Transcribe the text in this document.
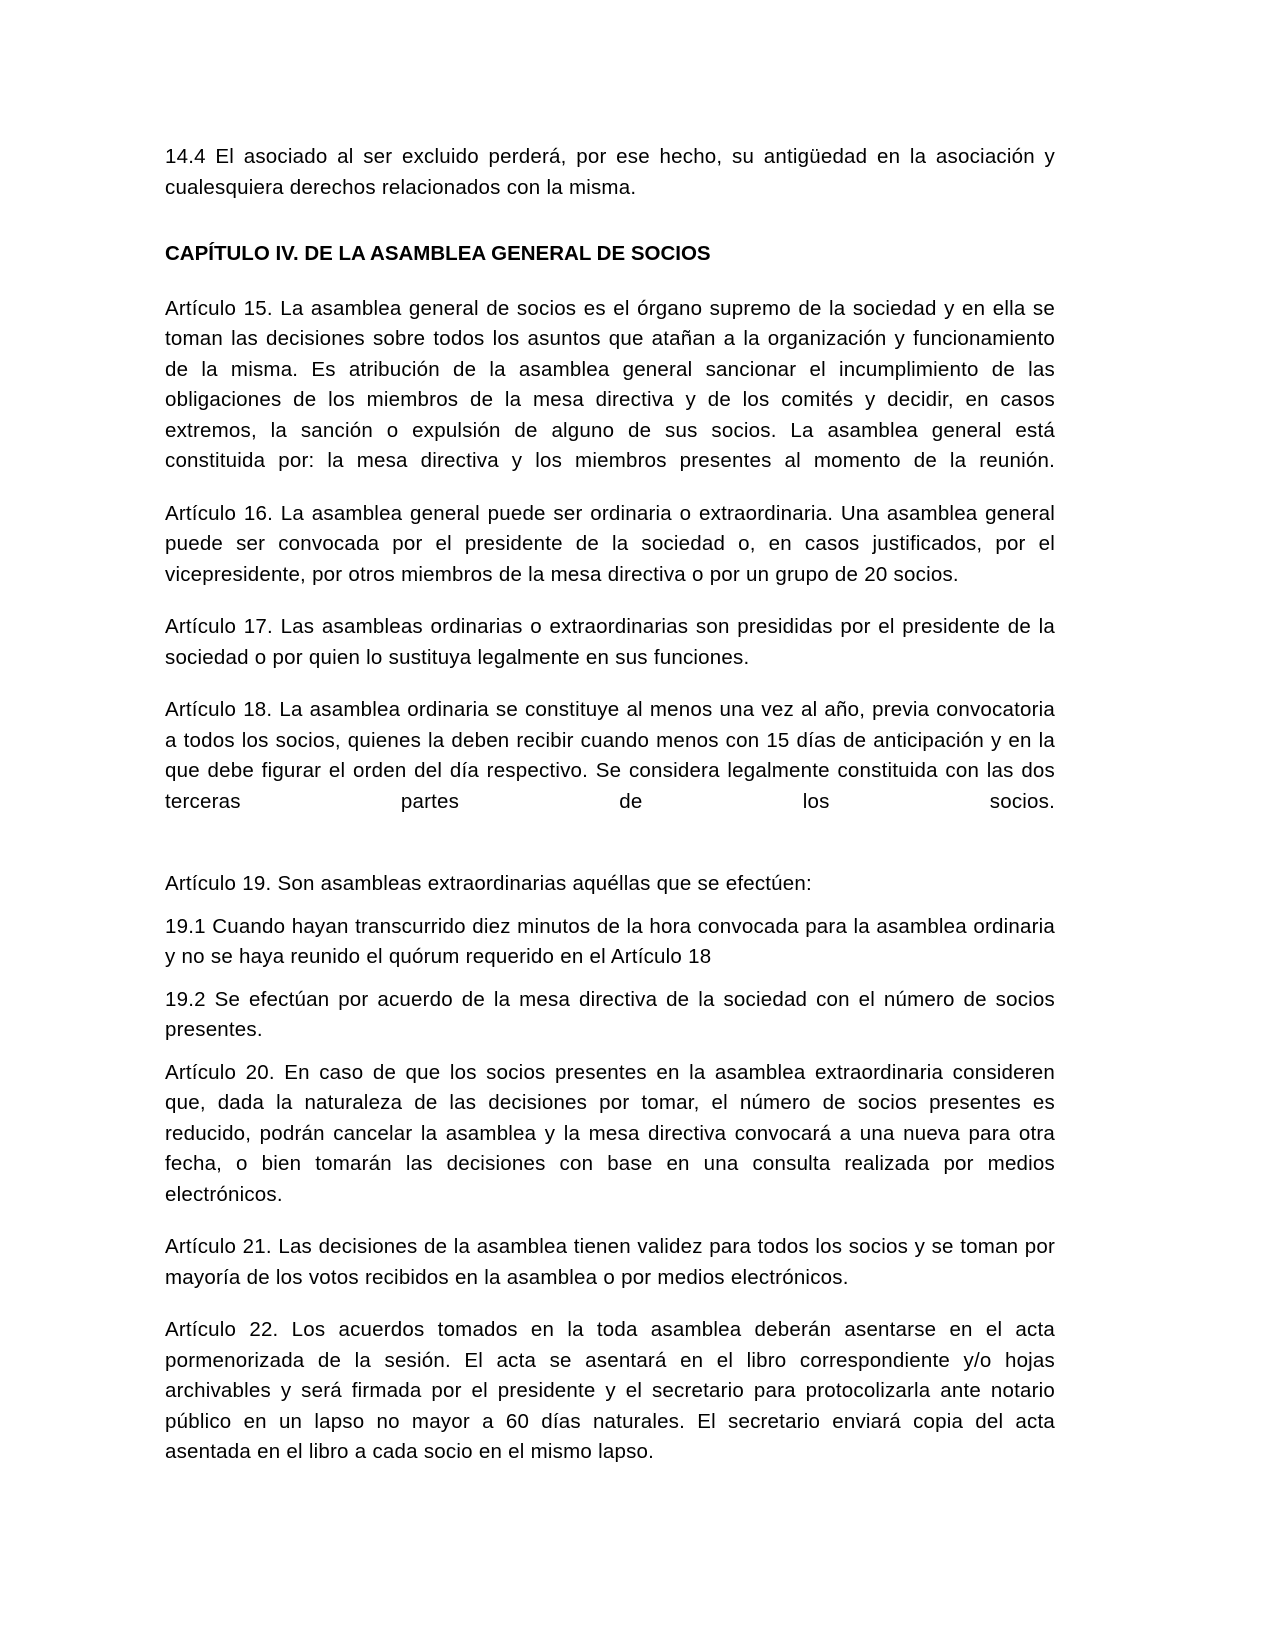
14.4 El asociado al ser excluido perderá, por ese hecho, su antigüedad en la asociación y cualesquiera derechos relacionados con la misma.

CAPÍTULO IV. DE LA ASAMBLEA GENERAL DE SOCIOS

Artículo 15. La asamblea general de socios es el órgano supremo de la sociedad y en ella se toman las decisiones sobre todos los asuntos que atañan a la organización y funcionamiento de la misma. Es atribución de la asamblea general sancionar el incumplimiento de las obligaciones de los miembros de la mesa directiva y de los comités y decidir, en casos extremos, la sanción o expulsión de alguno de sus socios. La asamblea general está constituida por: la mesa directiva y los miembros presentes al momento de la reunión.

Artículo 16. La asamblea general puede ser ordinaria o extraordinaria. Una asamblea general puede ser convocada por el presidente de la sociedad o, en casos justificados, por el vicepresidente, por otros miembros de la mesa directiva o por un grupo de 20 socios.

Artículo 17. Las asambleas ordinarias o extraordinarias son presididas por el presidente de la sociedad o por quien lo sustituya legalmente en sus funciones.

Artículo 18. La asamblea ordinaria se constituye al menos una vez al año, previa convocatoria a todos los socios, quienes la deben recibir cuando menos con 15 días de anticipación y en la que debe figurar el orden del día respectivo. Se considera legalmente constituida con las dos terceras partes de los socios.

Artículo 19. Son asambleas extraordinarias aquéllas que se efectúen:

19.1 Cuando hayan transcurrido diez minutos de la hora convocada para la asamblea ordinaria y no se haya reunido el quórum requerido en el Artículo 18

19.2 Se efectúan por acuerdo de la mesa directiva de la sociedad con el número de socios presentes.

Artículo 20. En caso de que los socios presentes en la asamblea extraordinaria consideren que, dada la naturaleza de las decisiones por tomar, el número de socios presentes es reducido, podrán cancelar la asamblea y la mesa directiva convocará a una nueva para otra fecha, o bien tomarán las decisiones con base en una consulta realizada por medios electrónicos.

Artículo 21. Las decisiones de la asamblea tienen validez para todos los socios y se toman por mayoría de los votos recibidos en la asamblea o por medios electrónicos.

Artículo 22. Los acuerdos tomados en la toda asamblea deberán asentarse en el acta pormenorizada de la sesión. El acta se asentará en el libro correspondiente y/o hojas archivables y será firmada por el presidente y el secretario para protocolizarla ante notario público en un lapso no mayor a 60 días naturales. El secretario enviará copia del acta asentada en el libro a cada socio en el mismo lapso.
